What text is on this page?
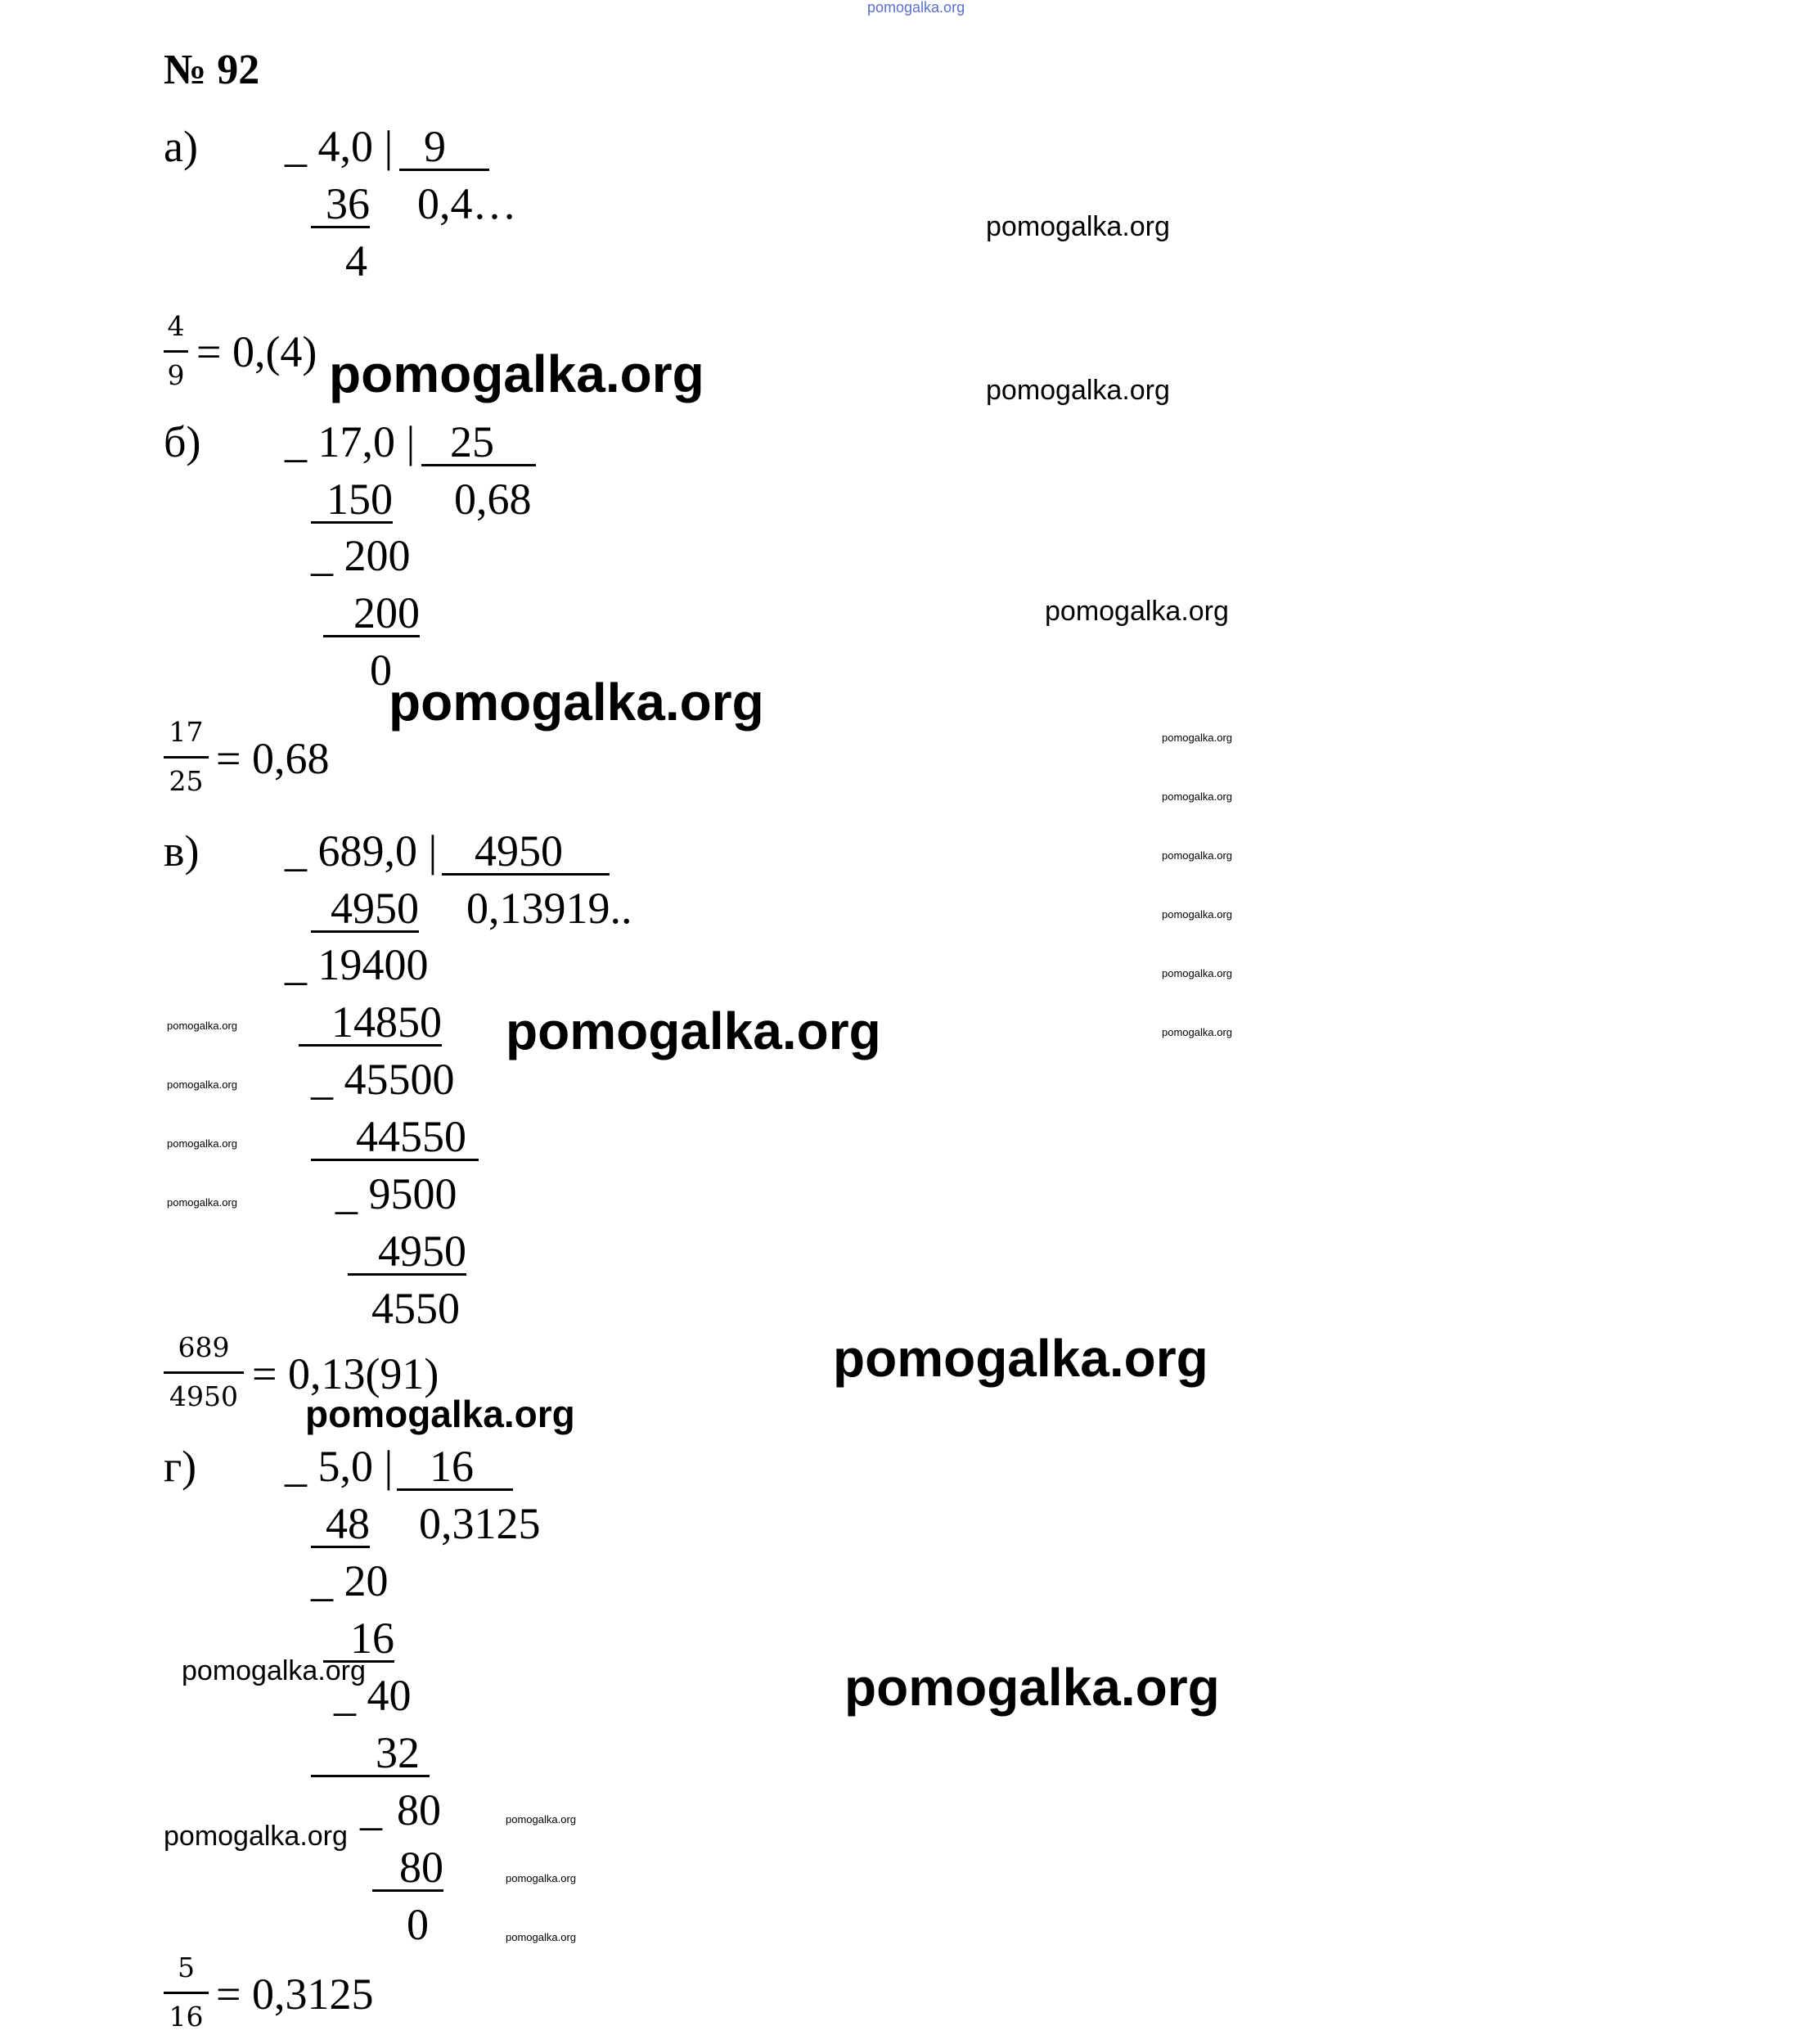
pomogalka.org
№ 92
а) _ 4,0 | 9
36 0,4…
4
4
9 = 0,(4)
б) _ 17,0 | 25
150 0,68
_ 200
200
0
17
25 = 0,68
в) _ 689,0 | 4950
4950 0,13919..
_ 19400
14850
_ 45500
44550
_ 9500
4950
4550
689
4950 = 0,13(91)
г) _ 5,0 | 16
48 0,3125
_ 20
16
_ 40
32
_ 80
80
0
5
16 = 0,3125
pomogalka.org
pomogalka.org
pomogalka.org
pomogalka.org
pomogalka.org
pomogalka.org
pomogalka.org
pomogalka.org
pomogalka.org
pomogalka.org
pomogalka.org
pomogalka.org
pomogalka.org
pomogalka.org
pomogalka.org
pomogalka.org
pomogalka.org
pomogalka.org
pomogalka.org
pomogalka.org
pomogalka.org
pomogalka.org
pomogalka.org
pomogalka.org
